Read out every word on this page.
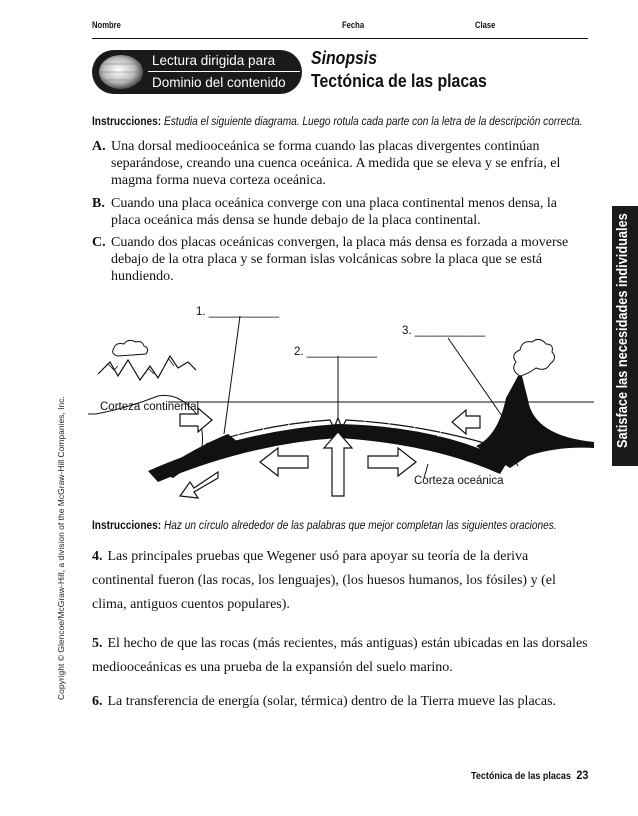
Nombre	Fecha	Clase
Lectura dirigida para
Dominio del contenido
Sinopsis
Tectónica de las placas
Instrucciones: Estudia el siguiente diagrama. Luego rotula cada parte con la letra de la descripción correcta.
A. Una dorsal mediooceánica se forma cuando las placas divergentes continúan separándose, creando una cuenca oceánica. A medida que se eleva y se enfría, el magma forma nueva corteza oceánica.
B. Cuando una placa oceánica converge con una placa continental menos densa, la placa oceánica más densa se hunde debajo de la placa continental.
C. Cuando dos placas oceánicas convergen, la placa más densa es forzada a moverse debajo de la otra placa y se forman islas volcánicas sobre la placa que se está hundiendo.
1. ___________
2. ___________
3. ___________
Corteza continental
Corteza oceánica
Instrucciones: Haz un círculo alrededor de las palabras que mejor completan las siguientes oraciones.
4. Las principales pruebas que Wegener usó para apoyar su teoría de la deriva continental fueron (las rocas, los lenguajes), (los huesos humanos, los fósiles) y (el clima, antiguos cuentos populares).
5. El hecho de que las rocas (más recientes, más antiguas) están ubicadas en las dorsales mediooceánicas es una prueba de la expansión del suelo marino.
6. La transferencia de energía (solar, térmica) dentro de la Tierra mueve las placas.
Satisface las necesidades individuales
Copyright © Glencoe/McGraw-Hill, a division of the McGraw-Hill Companies, Inc.
Tectónica de las placas 23
